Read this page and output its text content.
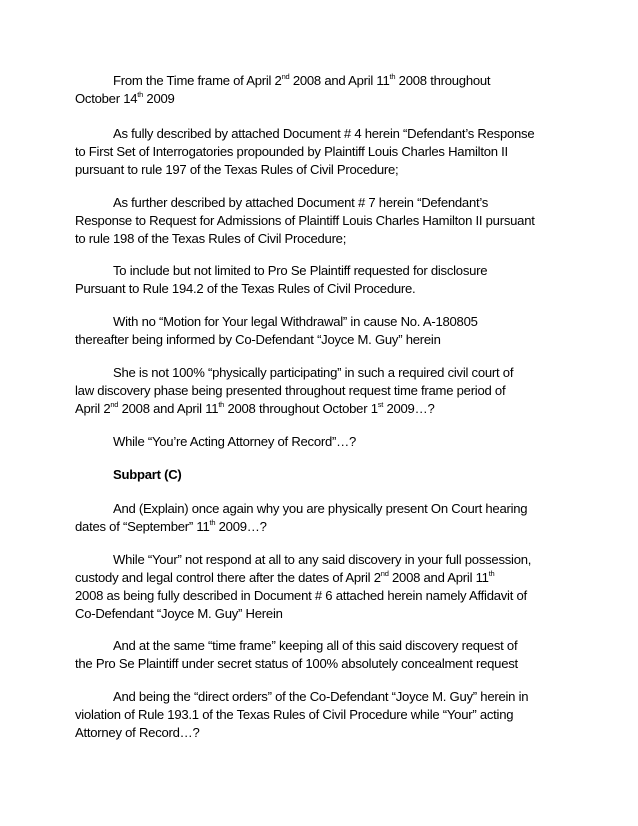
From the Time frame of April 2nd 2008 and April 11th 2008 throughout
October 14th 2009
As fully described by attached Document # 4 herein “Defendant’s Response
to First Set of Interrogatories propounded by Plaintiff Louis Charles Hamilton II
pursuant to rule 197 of the Texas Rules of Civil Procedure;
As further described by attached Document # 7 herein “Defendant’s
Response to Request for Admissions of Plaintiff Louis Charles Hamilton II pursuant
to rule 198 of the Texas Rules of Civil Procedure;
To include but not limited to Pro Se Plaintiff requested for disclosure
Pursuant to Rule 194.2 of the Texas Rules of Civil Procedure.
With no “Motion for Your legal Withdrawal” in cause No. A-180805
thereafter being informed by Co-Defendant “Joyce M. Guy” herein
She is not 100% “physically participating” in such a required civil court of
law discovery phase being presented throughout request time frame period of
April 2nd 2008 and April 11th 2008 throughout October 1st 2009…?
While “You’re Acting Attorney of Record”…?
Subpart (C)
And (Explain) once again why you are physically present On Court hearing
dates of “September” 11th 2009…?
While “Your” not respond at all to any said discovery in your full possession,
custody and legal control there after the dates of April 2nd 2008 and April 11th
2008 as being fully described in Document # 6 attached herein namely Affidavit of
Co-Defendant “Joyce M. Guy” Herein
And at the same “time frame” keeping all of this said discovery request of
the Pro Se Plaintiff under secret status of 100% absolutely concealment request
And being the “direct orders” of the Co-Defendant “Joyce M. Guy” herein in
violation of Rule 193.1 of the Texas Rules of Civil Procedure while “Your” acting
Attorney of Record…?
